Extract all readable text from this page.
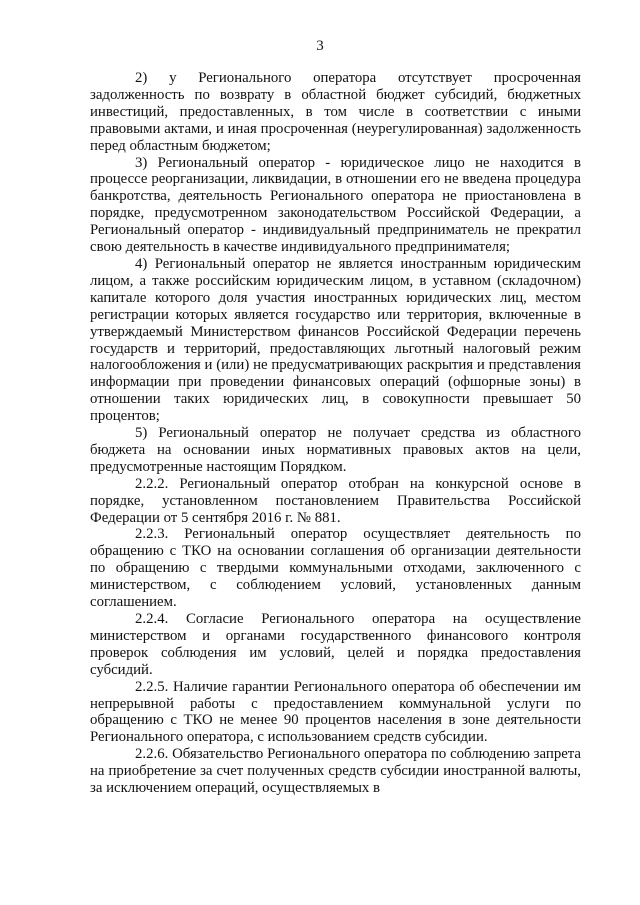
3

2) у Регионального оператора отсутствует просроченная задолженность по возврату в областной бюджет субсидий, бюджетных инвестиций, предоставленных, в том числе в соответствии с иными правовыми актами, и иная просроченная (неурегулированная) задолженность перед областным бюджетом;

3) Региональный оператор - юридическое лицо не находится в процессе реорганизации, ликвидации, в отношении его не введена процедура банкротства, деятельность Регионального оператора не приостановлена в порядке, предусмотренном законодательством Российской Федерации, а Региональный оператор - индивидуальный предприниматель не прекратил свою деятельность в качестве индивидуального предпринимателя;

4) Региональный оператор не является иностранным юридическим лицом, а также российским юридическим лицом, в уставном (складочном) капитале которого доля участия иностранных юридических лиц, местом регистрации которых является государство или территория, включенные в утверждаемый Министерством финансов Российской Федерации перечень государств и территорий, предоставляющих льготный налоговый режим налогообложения и (или) не предусматривающих раскрытия и представления информации при проведении финансовых операций (офшорные зоны) в отношении таких юридических лиц, в совокупности превышает 50 процентов;

5) Региональный оператор не получает средства из областного бюджета на основании иных нормативных правовых актов на цели, предусмотренные настоящим Порядком.

2.2.2. Региональный оператор отобран на конкурсной основе в порядке, установленном постановлением Правительства Российской Федерации от 5 сентября 2016 г. № 881.

2.2.3. Региональный оператор осуществляет деятельность по обращению с ТКО на основании соглашения об организации деятельности по обращению с твердыми коммунальными отходами, заключенного с министерством, с соблюдением условий, установленных данным соглашением.

2.2.4. Согласие Регионального оператора на осуществление министерством и органами государственного финансового контроля проверок соблюдения им условий, целей и порядка предоставления субсидий.

2.2.5. Наличие гарантии Регионального оператора об обеспечении им непрерывной работы с предоставлением коммунальной услуги по обращению с ТКО не менее 90 процентов населения в зоне деятельности Регионального оператора, с использованием средств субсидии.

2.2.6. Обязательство Регионального оператора по соблюдению запрета на приобретение за счет полученных средств субсидии иностранной валюты, за исключением операций, осуществляемых в
